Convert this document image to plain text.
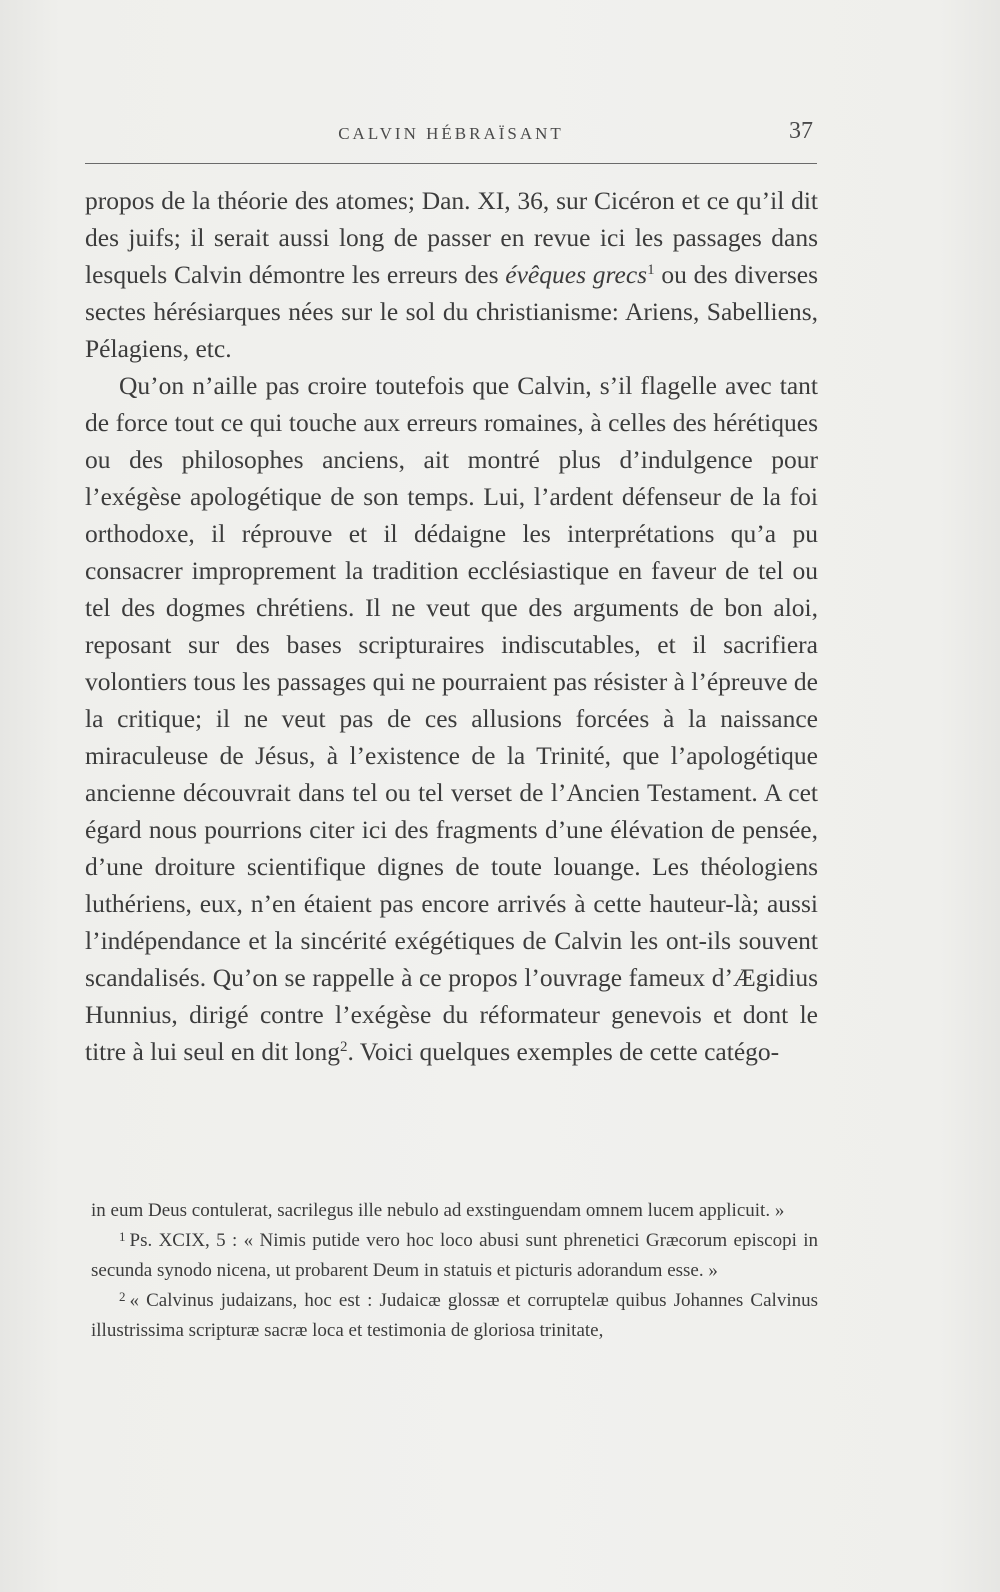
CALVIN HÉBRAÏSANT	37

propos de la théorie des atomes; Dan. XI, 36, sur Cicéron et ce qu’il dit des juifs; il serait aussi long de passer en revue ici les passages dans lesquels Calvin démontre les erreurs des évêques grecs$^1$ ou des diverses sectes hérésiarques nées sur le sol du christianisme: Ariens, Sabelliens, Pélagiens, etc.

Qu’on n’aille pas croire toutefois que Calvin, s’il flagelle avec tant de force tout ce qui touche aux erreurs romaines, à celles des hérétiques ou des philosophes anciens, ait montré plus d’indulgence pour l’exégèse apologétique de son temps. Lui, l’ardent défenseur de la foi orthodoxe, il réprouve et il dédaigne les interprétations qu’a pu consacrer improprement la tradition ecclésiastique en faveur de tel ou tel des dogmes chrétiens. Il ne veut que des arguments de bon aloi, reposant sur des bases scripturaires indiscutables, et il sacrifiera volontiers tous les passages qui ne pourraient pas résister à l’épreuve de la critique; il ne veut pas de ces allusions forcées à la naissance miraculeuse de Jésus, à l’existence de la Trinité, que l’apologétique ancienne découvrait dans tel ou tel verset de l’Ancien Testament. A cet égard nous pourrions citer ici des fragments d’une élévation de pensée, d’une droiture scientifique dignes de toute louange. Les théologiens luthériens, eux, n’en étaient pas encore arrivés à cette hauteur-là; aussi l’indépendance et la sincérité exégétiques de Calvin les ont-ils souvent scandalisés. Qu’on se rappelle à ce propos l’ouvrage fameux d’Ægidius Hunnius, dirigé contre l’exégèse du réformateur genevois et dont le titre à lui seul en dit long$^2$. Voici quelques exemples de cette catégo-

in eum Deus contulerat, sacrilegus ille nebulo ad exstinguendam omnem lucem applicuit. »

$^1$ Ps. XCIX, 5 : « Nimis putide vero hoc loco abusi sunt phrenetici Græcorum episcopi in secunda synodo nicena, ut probarent Deum in statuis et picturis adorandum esse. »

$^2$ « Calvinus judaizans, hoc est : Judaicæ glossæ et corruptelæ quibus Johannes Calvinus illustrissima scripturæ sacræ loca et testimonia de gloriosa trinitate,
